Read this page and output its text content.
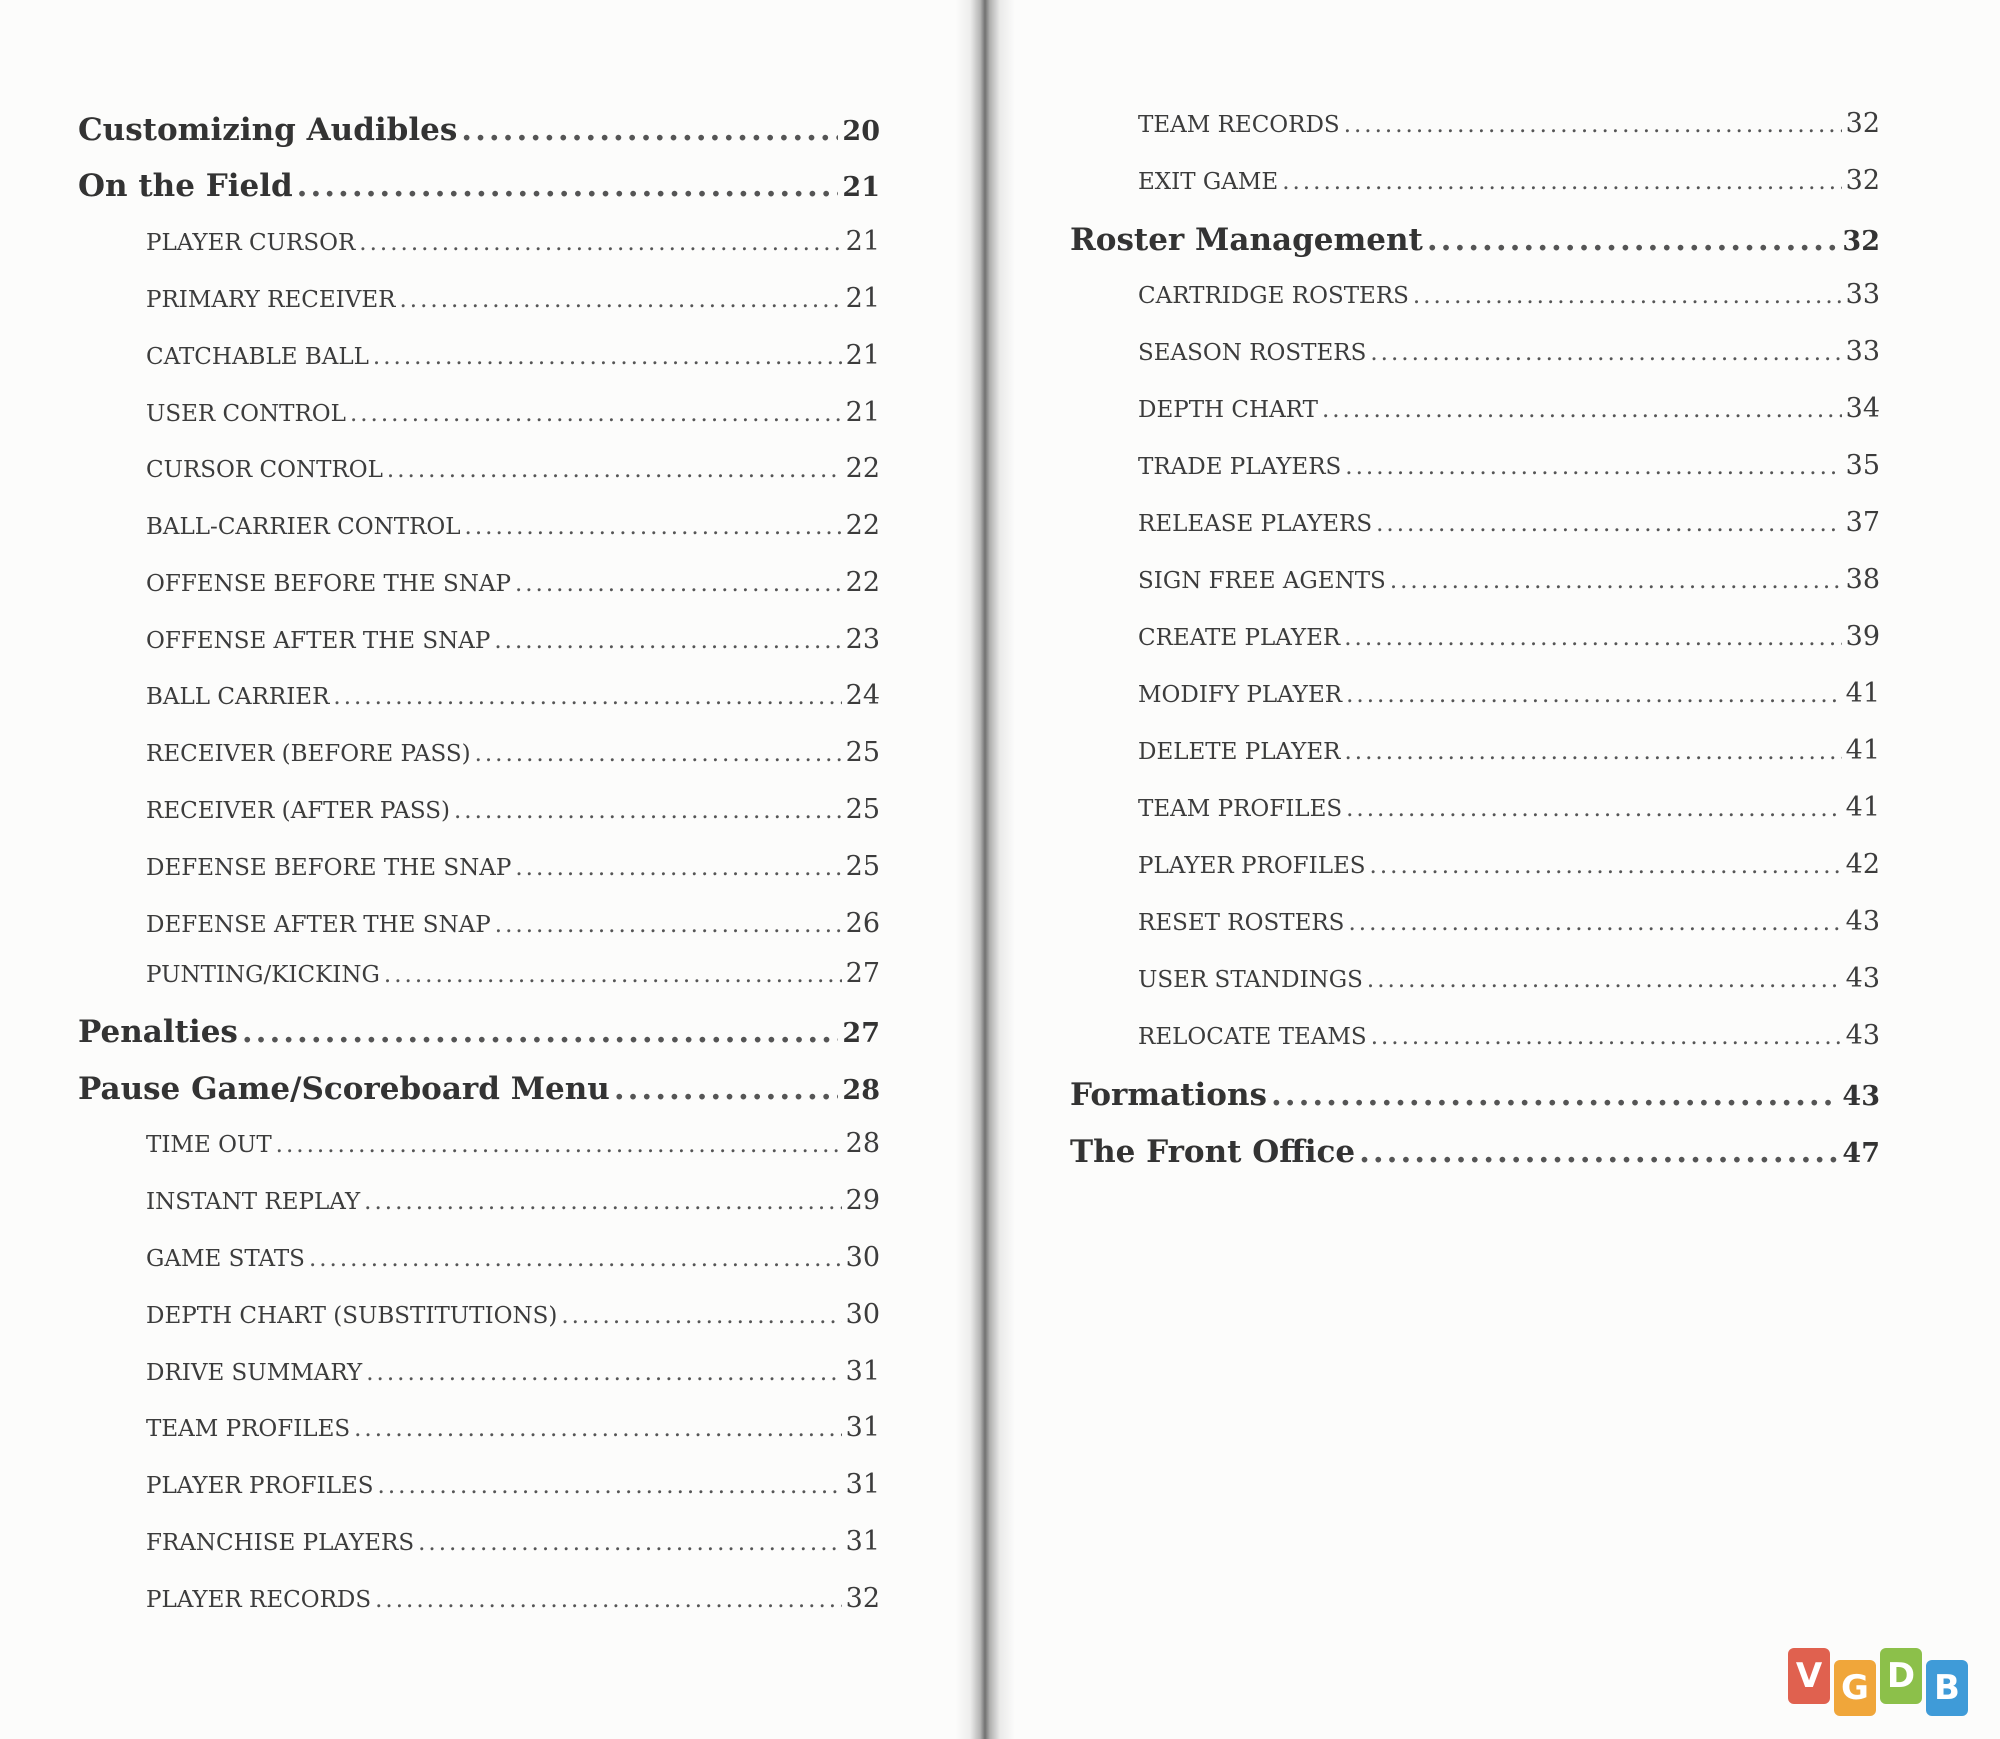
Customizing Audibles .....	20
On the Field .....	21
PLAYER CURSOR .....	21
PRIMARY RECEIVER .....	21
CATCHABLE BALL .....	21
USER CONTROL .....	21
CURSOR CONTROL .....	22
BALL-CARRIER CONTROL .....	22
OFFENSE BEFORE THE SNAP .....	22
OFFENSE AFTER THE SNAP .....	23
BALL CARRIER .....	24
RECEIVER (BEFORE PASS) .....	25
RECEIVER (AFTER PASS) .....	25
DEFENSE BEFORE THE SNAP .....	25
DEFENSE AFTER THE SNAP .....	26
PUNTING/KICKING .....	27
Penalties .....	27
Pause Game/Scoreboard Menu .....	28
TIME OUT .....	28
INSTANT REPLAY .....	29
GAME STATS .....	30
DEPTH CHART (SUBSTITUTIONS) .....	30
DRIVE SUMMARY .....	31
TEAM PROFILES .....	31
PLAYER PROFILES .....	31
FRANCHISE PLAYERS .....	31
PLAYER RECORDS .....	32
TEAM RECORDS .....	32
EXIT GAME .....	32
Roster Management .....	32
CARTRIDGE ROSTERS .....	33
SEASON ROSTERS .....	33
DEPTH CHART .....	34
TRADE PLAYERS .....	35
RELEASE PLAYERS .....	37
SIGN FREE AGENTS .....	38
CREATE PLAYER .....	39
MODIFY PLAYER .....	41
DELETE PLAYER .....	41
TEAM PROFILES .....	41
PLAYER PROFILES .....	42
RESET ROSTERS .....	43
USER STANDINGS .....	43
RELOCATE TEAMS .....	43
Formations .....	43
The Front Office .....	47
V G D B
